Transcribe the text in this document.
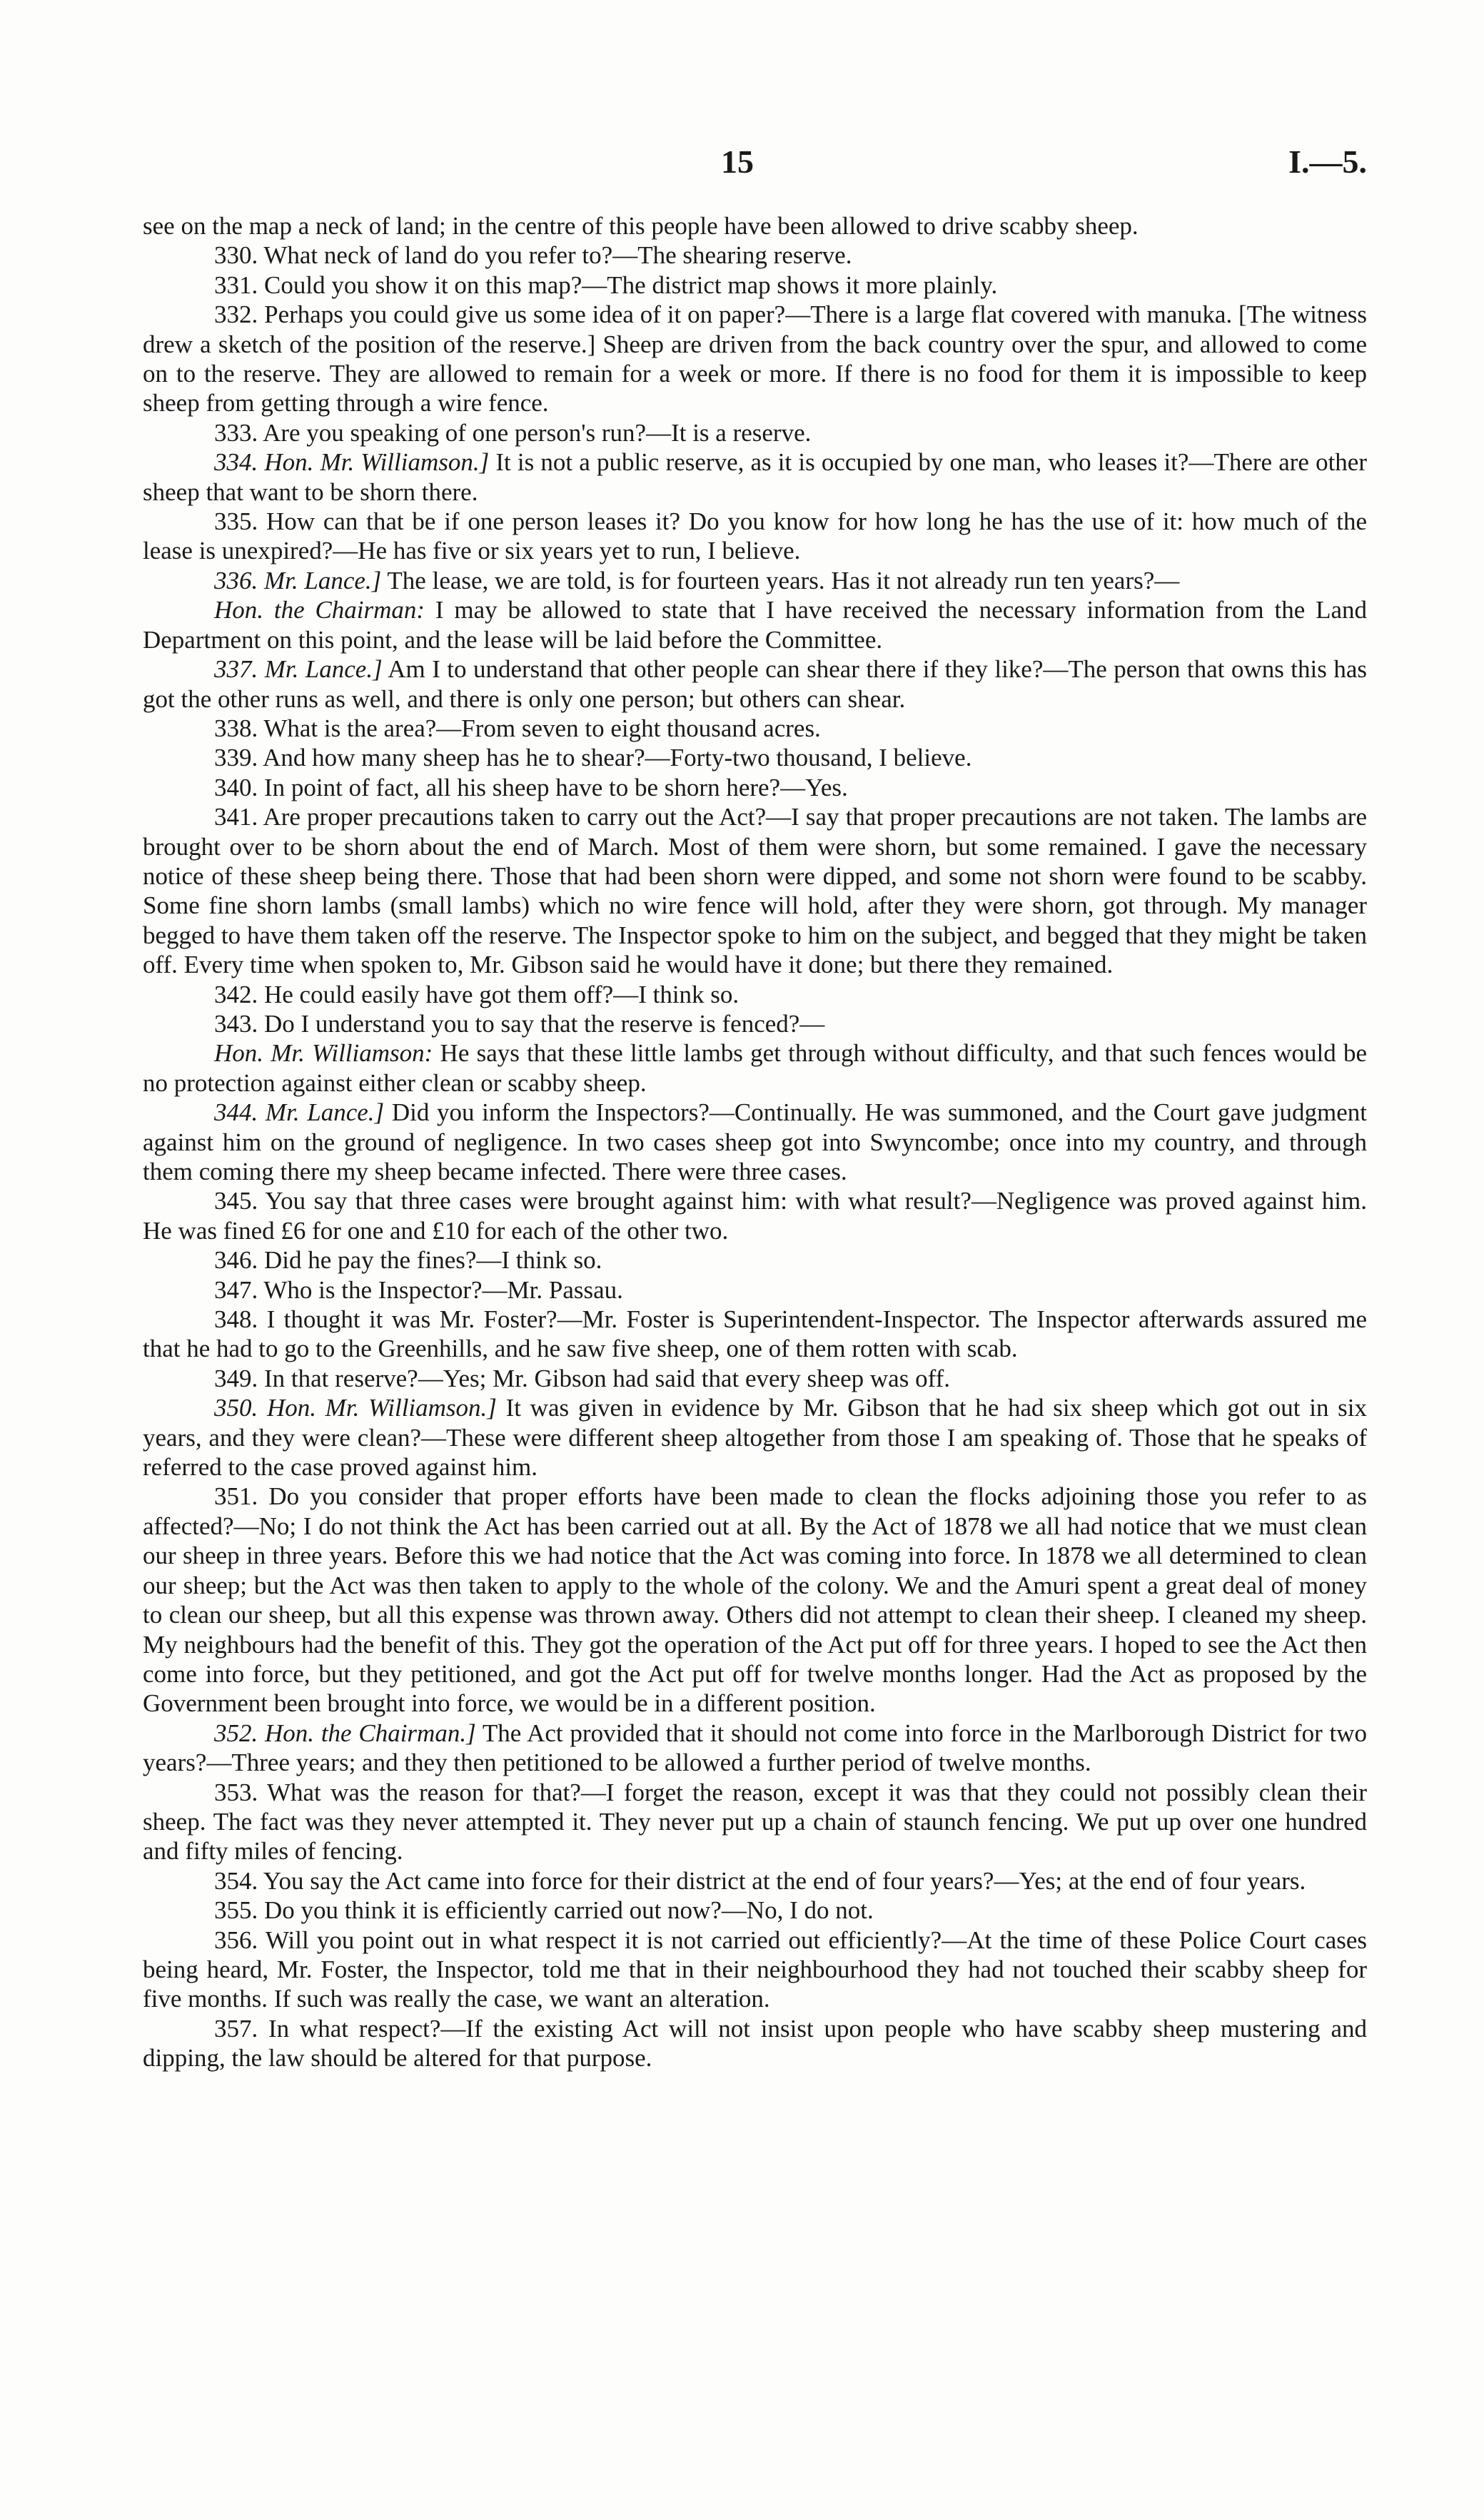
15	I.—5.

see on the map a neck of land; in the centre of this people have been allowed to drive scabby sheep.

330. What neck of land do you refer to?—The shearing reserve.

331. Could you show it on this map?—The district map shows it more plainly.

332. Perhaps you could give us some idea of it on paper?—There is a large flat covered with manuka. [The witness drew a sketch of the position of the reserve.] Sheep are driven from the back country over the spur, and allowed to come on to the reserve. They are allowed to remain for a week or more. If there is no food for them it is impossible to keep sheep from getting through a wire fence.

333. Are you speaking of one person's run?—It is a reserve.

334. Hon. Mr. Williamson.] It is not a public reserve, as it is occupied by one man, who leases it?—There are other sheep that want to be shorn there.

335. How can that be if one person leases it? Do you know for how long he has the use of it: how much of the lease is unexpired?—He has five or six years yet to run, I believe.

336. Mr. Lance.] The lease, we are told, is for fourteen years. Has it not already run ten years?—

Hon. the Chairman: I may be allowed to state that I have received the necessary information from the Land Department on this point, and the lease will be laid before the Committee.

337. Mr. Lance.] Am I to understand that other people can shear there if they like?—The person that owns this has got the other runs as well, and there is only one person; but others can shear.

338. What is the area?—From seven to eight thousand acres.

339. And how many sheep has he to shear?—Forty-two thousand, I believe.

340. In point of fact, all his sheep have to be shorn here?—Yes.

341. Are proper precautions taken to carry out the Act?—I say that proper precautions are not taken. The lambs are brought over to be shorn about the end of March. Most of them were shorn, but some remained. I gave the necessary notice of these sheep being there. Those that had been shorn were dipped, and some not shorn were found to be scabby. Some fine shorn lambs (small lambs) which no wire fence will hold, after they were shorn, got through. My manager begged to have them taken off the reserve. The Inspector spoke to him on the subject, and begged that they might be taken off. Every time when spoken to, Mr. Gibson said he would have it done; but there they remained.

342. He could easily have got them off?—I think so.

343. Do I understand you to say that the reserve is fenced?—

Hon. Mr. Williamson: He says that these little lambs get through without difficulty, and that such fences would be no protection against either clean or scabby sheep.

344. Mr. Lance.] Did you inform the Inspectors?—Continually. He was summoned, and the Court gave judgment against him on the ground of negligence. In two cases sheep got into Swyncombe; once into my country, and through them coming there my sheep became infected. There were three cases.

345. You say that three cases were brought against him: with what result?—Negligence was proved against him. He was fined £6 for one and £10 for each of the other two.

346. Did he pay the fines?—I think so.

347. Who is the Inspector?—Mr. Passau.

348. I thought it was Mr. Foster?—Mr. Foster is Superintendent-Inspector. The Inspector afterwards assured me that he had to go to the Greenhills, and he saw five sheep, one of them rotten with scab.

349. In that reserve?—Yes; Mr. Gibson had said that every sheep was off.

350. Hon. Mr. Williamson.] It was given in evidence by Mr. Gibson that he had six sheep which got out in six years, and they were clean?—These were different sheep altogether from those I am speaking of. Those that he speaks of referred to the case proved against him.

351. Do you consider that proper efforts have been made to clean the flocks adjoining those you refer to as affected?—No; I do not think the Act has been carried out at all. By the Act of 1878 we all had notice that we must clean our sheep in three years. Before this we had notice that the Act was coming into force. In 1878 we all determined to clean our sheep; but the Act was then taken to apply to the whole of the colony. We and the Amuri spent a great deal of money to clean our sheep, but all this expense was thrown away. Others did not attempt to clean their sheep. I cleaned my sheep. My neighbours had the benefit of this. They got the operation of the Act put off for three years. I hoped to see the Act then come into force, but they petitioned, and got the Act put off for twelve months longer. Had the Act as proposed by the Government been brought into force, we would be in a different position.

352. Hon. the Chairman.] The Act provided that it should not come into force in the Marlborough District for two years?—Three years; and they then petitioned to be allowed a further period of twelve months.

353. What was the reason for that?—I forget the reason, except it was that they could not possibly clean their sheep. The fact was they never attempted it. They never put up a chain of staunch fencing. We put up over one hundred and fifty miles of fencing.

354. You say the Act came into force for their district at the end of four years?—Yes; at the end of four years.

355. Do you think it is efficiently carried out now?—No, I do not.

356. Will you point out in what respect it is not carried out efficiently?—At the time of these Police Court cases being heard, Mr. Foster, the Inspector, told me that in their neighbourhood they had not touched their scabby sheep for five months. If such was really the case, we want an alteration.

357. In what respect?—If the existing Act will not insist upon people who have scabby sheep mustering and dipping, the law should be altered for that purpose.
